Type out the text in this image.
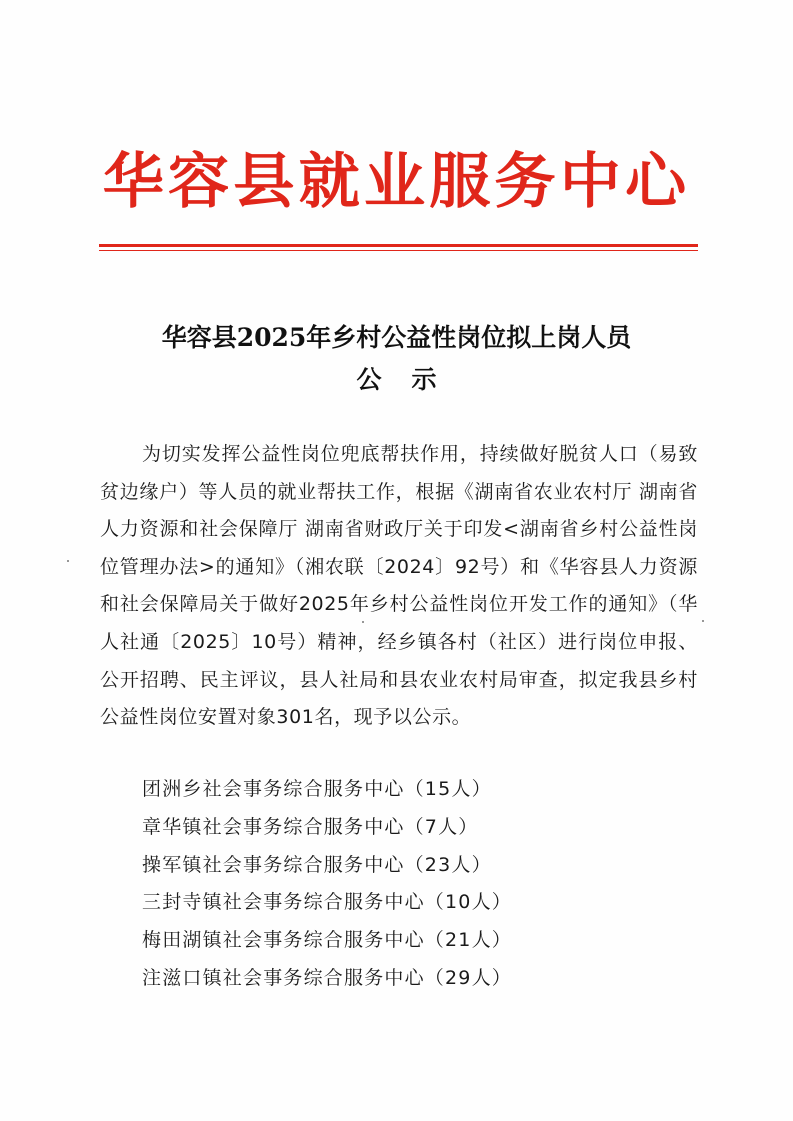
华容县就业服务中心
华容县2025年乡村公益性岗位拟上岗人员
公示
为切实发挥公益性岗位兜底帮扶作用，持续做好脱贫人口（易致贫边缘户）等人员的就业帮扶工作，根据《湖南省农业农村厅 湖南省人力资源和社会保障厅 湖南省财政厅关于印发<湖南省乡村公益性岗位管理办法>的通知》（湘农联〔2024〕92号）和《华容县人力资源和社会保障局关于做好2025年乡村公益性岗位开发工作的通知》（华人社通〔2025〕10号）精神，经乡镇各村（社区）进行岗位申报、公开招聘、民主评议，县人社局和县农业农村局审查，拟定我县乡村公益性岗位安置对象301名，现予以公示。
团洲乡社会事务综合服务中心（15人）
章华镇社会事务综合服务中心（7人）
操军镇社会事务综合服务中心（23人）
三封寺镇社会事务综合服务中心（10人）
梅田湖镇社会事务综合服务中心（21人）
注滋口镇社会事务综合服务中心（29人）
